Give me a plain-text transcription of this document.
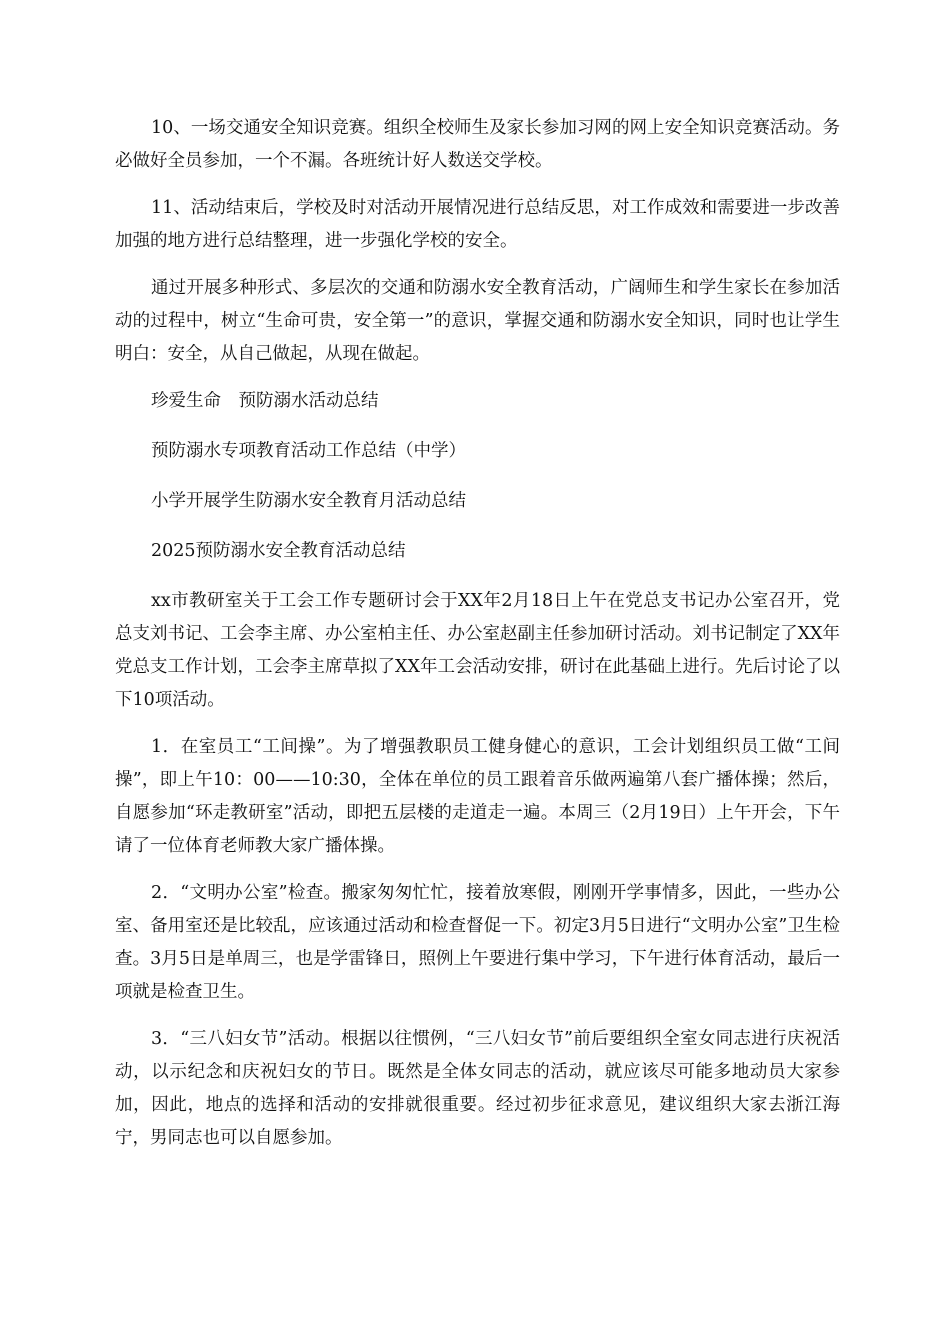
10、一场交通安全知识竞赛。组织全校师生及家长参加习网的网上安全知识竞赛活动。务必做好全员参加，一个不漏。各班统计好人数送交学校。

11、活动结束后，学校及时对活动开展情况进行总结反思，对工作成效和需要进一步改善加强的地方进行总结整理，进一步强化学校的安全。

通过开展多种形式、多层次的交通和防溺水安全教育活动，广阔师生和学生家长在参加活动的过程中，树立“生命可贵，安全第一”的意识，掌握交通和防溺水安全知识，同时也让学生明白：安全，从自己做起，从现在做起。

珍爱生命　预防溺水活动总结

预防溺水专项教育活动工作总结（中学）

小学开展学生防溺水安全教育月活动总结

2025预防溺水安全教育活动总结

xx市教研室关于工会工作专题研讨会于XX年2月18日上午在党总支书记办公室召开，党总支刘书记、工会李主席、办公室柏主任、办公室赵副主任参加研讨活动。刘书记制定了XX年党总支工作计划，工会李主席草拟了XX年工会活动安排，研讨在此基础上进行。先后讨论了以下10项活动。

1．在室员工“工间操”。为了增强教职员工健身健心的意识，工会计划组织员工做“工间操”，即上午10：00——10:30，全体在单位的员工跟着音乐做两遍第八套广播体操；然后，自愿参加“环走教研室”活动，即把五层楼的走道走一遍。本周三（2月19日）上午开会，下午请了一位体育老师教大家广播体操。

2．“文明办公室”检查。搬家匆匆忙忙，接着放寒假，刚刚开学事情多，因此，一些办公室、备用室还是比较乱，应该通过活动和检查督促一下。初定3月5日进行“文明办公室”卫生检查。3月5日是单周三，也是学雷锋日，照例上午要进行集中学习，下午进行体育活动，最后一项就是检查卫生。

3．“三八妇女节”活动。根据以往惯例，“三八妇女节”前后要组织全室女同志进行庆祝活动，以示纪念和庆祝妇女的节日。既然是全体女同志的活动，就应该尽可能多地动员大家参加，因此，地点的选择和活动的安排就很重要。经过初步征求意见，建议组织大家去浙江海宁，男同志也可以自愿参加。
